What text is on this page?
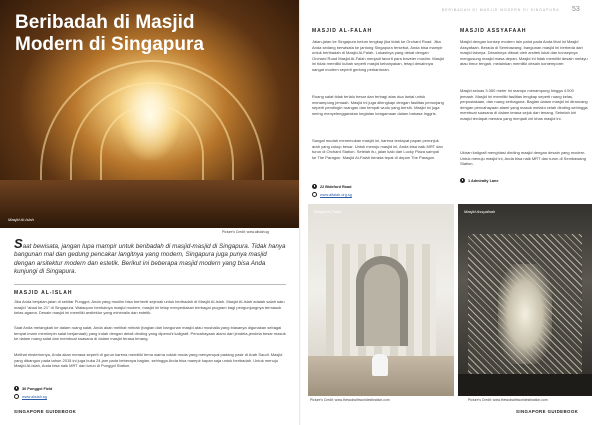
Beribadah di Masjid
Modern di Singapura
Masjid Al-Islah
Picture's Credit: www.alislah.sg

Saat bewisata, jangan lupa mampir untuk beribadah di masjid-masjid di Singapura. Tidak hanya bangunan mal dan gedung pencakar langitnya yang modern, Singapura juga punya masjid dengan arsitektur modern dan estetik. Berikut ini beberapa masjid modern yang bisa Anda kunjungi di Singapura.

MASJID AL-ISLAH

Jika Anda berjalan-jalan di sekitar Punggol, Anda yang muslim bisa berhenti sejenak untuk beribadah di Masjid Al-Islah. Masjid Al-Islah adalah salah satu masjid "abad ke-21" di Singapura. Walaupun bentuknya masjid modern, masjid ini tetap menyediakan berbagai program bagi pengunjungnya termasuk kelas agama. Desain masjid ini memiliki arsitektur yang minimalis dan estetik.

Saat Anda melangkah ke dalam ruang salat, Anda akan melihat mihrab (bagian dari bangunan masjid atau mushalla yang biasanya digunakan sebagai tempat imam memimpin salat berjamaah) yang indah dengan detail dinding yang dipenuhi kaligrafi. Pencahayaan alami dari jendela-jendela besar masuk ke dalam ruang salat dan membuat suasana di dalam masjid terasa tenang.

Melihat eksteriornya, Anda akan merasa seperti di gurun karena memiliki tema warna coklat muda yang menyerupai padang pasir di Arab Saudi. Masjid yang dibangun pada tahun 2015 ini juga buka 24 jam pada beberapa bagian, sehingga Anda bisa mampir kapan saja untuk beribadah. Untuk menuju Masjid Al-Islah, Anda bisa naik MRT dan turun di Punggol Station.

30 Punggol Field
www.alislah.sg
SINGAPORE GUIDEBOOK
BERIBADAH DI MASJID MODERN DI SINGAPURA 53
MASJID AL-FALAH

Jalan-jalan ke Singapura belum lengkap jika tidak ke Orchard Road. Jika Anda sedang berwisata ke jantung Singapura tersebut, Anda bisa mampir untuk beribadah di Masjid Al-Falah. Lokasinya yang dekat dengan Orchard Road Masjid Al-Falah menjadi favorit para traveler muslim. Masjid ini tidak memiliki kubah seperti masjid kebanyakan, tetapi desainnya sangat modern seperti gedung perkantoran.

Ruang salat tidak terlalu besar dan terbagi atas dua lantai untuk menampung jemaah. Masjid ini juga dilengkapi dengan fasilitas penunjang seperti pendingin ruangan dan tempat wudu yang bersih. Masjid ini juga sering menyelenggarakan kegiatan keagamaan dalam bahasa Inggris.

Sangat mudah menemukan masjid ini, karena terdapat papan penunjuk arah yang cukup besar. Untuk menuju masjid ini, Anda bisa naik MRT dan turun di Orchard Station. Setelah itu, jalan kaki dari Lucky Plaza sampai ke The Paragon. Masjid Al-Falah berada tepat di depan The Paragon.

22 Bideford Road
www.alfalah.org.sg
Masjid Al-Falah
Picture's Credit: www.thewokwithworldestination.com
MASJID ASSYAFAAH

Masjid dengan konsep modern lain patut pada Anda lihat ini Masjid Assyafaah. Berada di Sembawang, bangunan masjid ini berbeda dari masjid lainnya. Desainnya dibuat oleh arsitek lokal dan konsepnya mengusung masjid masa depan. Masjid ini tidak memiliki desain melayu atau timur tengah, melainkan memiliki desain kontemporer.

Masjid seluas 3.350 meter ini mampu menampung hingga 4.000 jemaah. Masjid ini memiliki fasilitas lengkap seperti ruang kelas, perpustakaan, dan ruang serbaguna. Bagian dalam masjid ini dirancang dengan pencahayaan alami yang masuk melalui celah dinding sehingga membuat suasana di dalam terasa sejuk dan tenang. Sebelah kiri masjid terdapat menara yang menjadi ciri khas masjid ini.

Ukiran kaligrafi menghiasi dinding masjid dengan desain yang modern. Untuk menuju masjid ini, Anda bisa naik MRT dan turun di Sembawang Station.

1 Admiralty Lane
Masjid Assyafaah
Picture's Credit: www.thewokwithworldestination.com
SINGAPORE GUIDEBOOK
